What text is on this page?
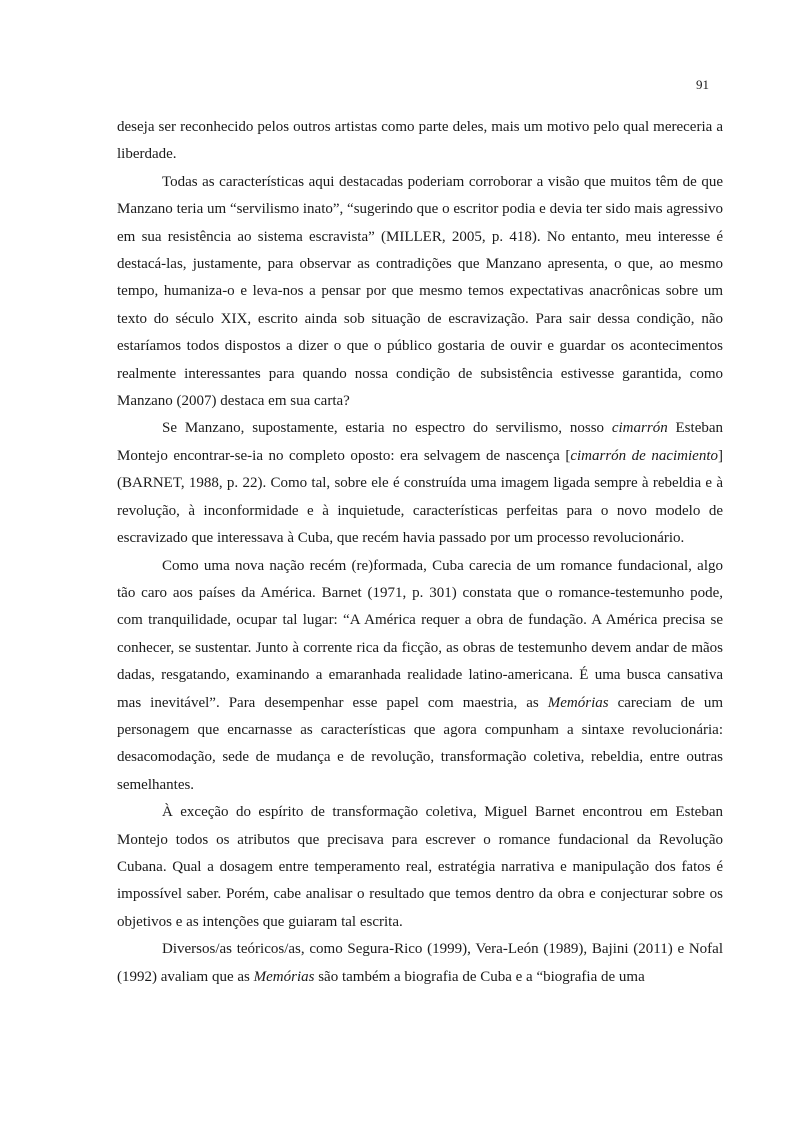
91

deseja ser reconhecido pelos outros artistas como parte deles, mais um motivo pelo qual mereceria a liberdade.

Todas as características aqui destacadas poderiam corroborar a visão que muitos têm de que Manzano teria um “servilismo inato”, “sugerindo que o escritor podia e devia ter sido mais agressivo em sua resistência ao sistema escravista” (MILLER, 2005, p. 418). No entanto, meu interesse é destacá-las, justamente, para observar as contradições que Manzano apresenta, o que, ao mesmo tempo, humaniza-o e leva-nos a pensar por que mesmo temos expectativas anacrônicas sobre um texto do século XIX, escrito ainda sob situação de escravização. Para sair dessa condição, não estaríamos todos dispostos a dizer o que o público gostaria de ouvir e guardar os acontecimentos realmente interessantes para quando nossa condição de subsistência estivesse garantida, como Manzano (2007) destaca em sua carta?

Se Manzano, supostamente, estaria no espectro do servilismo, nosso cimarrón Esteban Montejo encontrar-se-ia no completo oposto: era selvagem de nascença [cimarrón de nacimiento] (BARNET, 1988, p. 22). Como tal, sobre ele é construída uma imagem ligada sempre à rebeldia e à revolução, à inconformidade e à inquietude, características perfeitas para o novo modelo de escravizado que interessava à Cuba, que recém havia passado por um processo revolucionário.

Como uma nova nação recém (re)formada, Cuba carecia de um romance fundacional, algo tão caro aos países da América. Barnet (1971, p. 301) constata que o romance-testemunho pode, com tranquilidade, ocupar tal lugar: “A América requer a obra de fundação. A América precisa se conhecer, se sustentar. Junto à corrente rica da ficção, as obras de testemunho devem andar de mãos dadas, resgatando, examinando a emaranhada realidade latino-americana. É uma busca cansativa mas inevitável”. Para desempenhar esse papel com maestria, as Memórias careciam de um personagem que encarnasse as características que agora compunham a sintaxe revolucionária: desacomodação, sede de mudança e de revolução, transformação coletiva, rebeldia, entre outras semelhantes.

À exceção do espírito de transformação coletiva, Miguel Barnet encontrou em Esteban Montejo todos os atributos que precisava para escrever o romance fundacional da Revolução Cubana. Qual a dosagem entre temperamento real, estratégia narrativa e manipulação dos fatos é impossível saber. Porém, cabe analisar o resultado que temos dentro da obra e conjecturar sobre os objetivos e as intenções que guiaram tal escrita.

Diversos/as teóricos/as, como Segura-Rico (1999), Vera-León (1989), Bajini (2011) e Nofal (1992) avaliam que as Memórias são também a biografia de Cuba e a “biografia de uma
